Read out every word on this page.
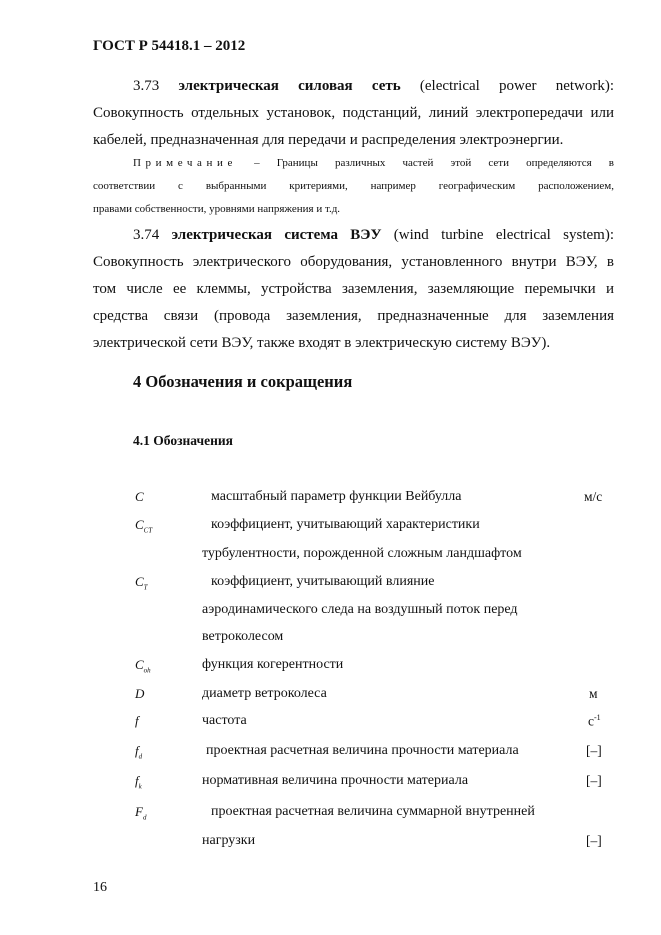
ГОСТ Р 54418.1 – 2012
3.73 электрическая силовая сеть (electrical power network):
Совокупность отдельных установок, подстанций, линий электропередачи или
кабелей, предназначенная для передачи и распределения электроэнергии.
Примечание – Границы различных частей этой сети определяются в
соответствии с выбранными критериями, например географическим расположением,
правами собственности, уровнями напряжения и т.д.
3.74 электрическая система ВЭУ (wind turbine electrical system):
Совокупность электрического оборудования, установленного внутри ВЭУ, в
том числе ее клеммы, устройства заземления, заземляющие перемычки и
средства связи (провода заземления, предназначенные для заземления
электрической сети ВЭУ, также входят в электрическую систему ВЭУ).
4 Обозначения и сокращения
4.1 Обозначения
C	масштабный параметр функции Вейбулла	м/с
$C_{CT}$	коэффициент, учитывающий характеристики
турбулентности, порожденной сложным ландшафтом
$C_T$	коэффициент, учитывающий влияние
аэродинамического следа на воздушный поток перед
ветроколесом
$C_{oh}$	функция когерентности
D	диаметр ветроколеса	м
f	частота	$с^{-1}$
$f_d$	проектная расчетная величина прочности материала	[–]
$f_k$	нормативная величина прочности материала	[–]
$F_d$	проектная расчетная величина суммарной внутренней
нагрузки	[–]
16
